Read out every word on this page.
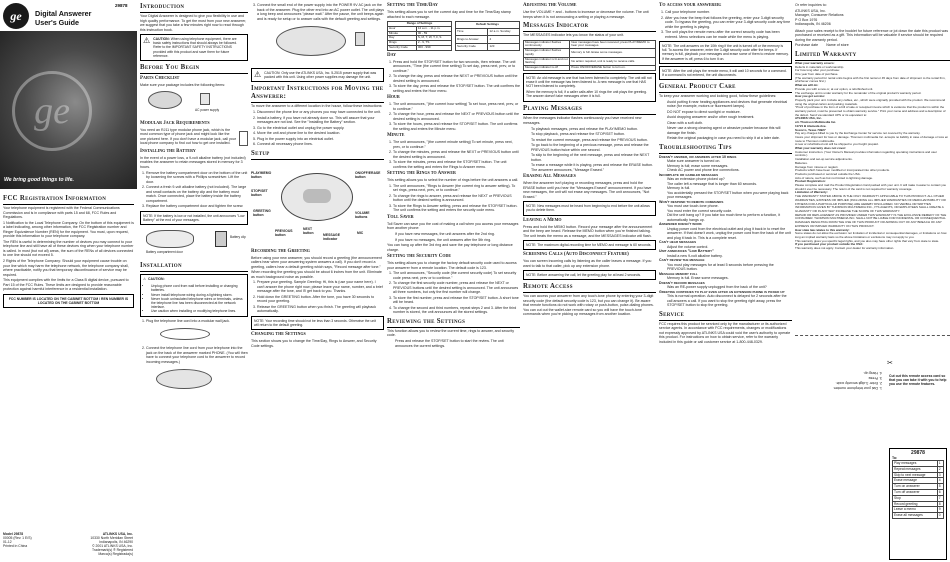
ge
29878
Digital Answerer
User's Guide
ge
We bring good things to life.
FCC Registration Information

Your telephone equipment is registered with the Federal Communications Commission and is in compliance with parts 15 and 68, FCC Rules and Regulations.

1 Notification to the Local Telephone Company: On the bottom of this equipment is a label indicating, among other information, the FCC Registration number and Ringer Equivalence Number (REN) for the equipment. You must, upon request, provide this information to your telephone company.

The REN is useful in determining the number of devices you may connect to your telephone line and still have all of these devices ring when your telephone number is called. In most (but not all) areas, the sum of the RENs of all devices connected to one line should not exceed 5.

2 Rights of the Telephone Company: Should your equipment cause trouble on your line which may harm the telephone network, the telephone company shall, where practicable, notify you that temporary discontinuance of service may be required.

This equipment complies with the limits for a Class B digital device, pursuant to Part 15 of the FCC Rules. These limits are designed to provide reasonable protection against harmful interference in a residential installation.

FCC NUMBER IS LOCATED ON THE CABINET BOTTOM / REN NUMBER IS LOCATED ON THE CABINET BOTTOM
Model 29878
00005 (Rev. 1 E/S)
01-12
Printed in China
ATLINKS USA, Inc.
10330 North Meridian Street
Indianapolis, IN 46290
© 2001 ATLINKS USA, Inc.
Trademark(s) ® Registered
Marca(s) Registrada(s)
Introduction

Your Digital Answerer is designed to give you flexibility in use and high quality performance. To get the most from your new answerer, we suggest that you take a few minutes right now to read through this instruction book.

⚠ CAUTION: When using telephone equipment, there are basic safety instructions that should always be followed. Refer to the IMPORTANT SAFETY INSTRUCTIONS provided with this product and save them for future reference.
Before You Begin
Parts Checklist

Make sure your package includes the following items:

AC power supply
Modular Jack Requirements

You need an RJ11 type modular phone jack, which is the most common type of phone jack and might look like the one pictured here. If you don't have a modular jack, call your local phone company to find out how to get one installed.

Installing the Battery

In the event of a power loss, a 9-volt alkaline battery (not included) enables the answerer to retain messages stored in memory for 3 hours.

1. Remove the battery compartment door on the bottom of the unit by loosening the screws with a Phillips screwdriver. Lift the door.
2. Connect a fresh 9-volt alkaline battery (not included). The large and small contacts on the battery clip and the battery must match. Once connected, place the battery inside the battery compartment.
3. Replace the battery compartment door and tighten the screw.
NOTE: If the battery is low or not installed, the unit announces "Low Battery" at the end of your messages.
Battery compartment door
Battery clip
Installation
⚠ CAUTION:
• Unplug phone cord from wall before installing or changing batteries.
• Never install telephone wiring during a lightning storm.
• Never touch uninsulated telephone wires or terminals, unless the telephone line has been disconnected at the network interface.
• Use caution when installing or modifying telephone lines.
1. Plug the telephone line cord into a modular wall jack.
2. Connect the telephone line cord from your telephone into the jack on the back of the answerer marked PHONE. (You will then have to connect your telephone cord to the answerer to record incoming messages.)
3. Connect the small end of the power supply into the POWER 9V AC jack on the back of the answerer. Plug the other end into an AC power outlet. The unit plays a long beep and announces "please wait." After the pause, the unit beeps again and is ready for setup or to answer calls with the default greeting and settings.
⚠ CAUTION: Only use the ATLINKS USA, Inc. 5-2515 power supply that was packed with this unit. Using other power supplies may damage the unit.
Important Instructions for Moving the Answerer:

To move the answerer to a different location in the house, follow these instructions:

1. Disconnect the phone line or any phones you may have connected to the unit.
2. Install a battery, if you have not already done so. This will assure that your messages are not lost. See the "Installing the Battery" section.
3. Go to the electrical outlet and unplug the power supply.
4. Move the unit and phone line to the desired location.
5. Plug in the power supply into an electrical outlet.
6. Connect all necessary phone lines.
Setup
PLAY/MEMO button
STOP/SET button
GREETING button
PREVIOUS button
NEXT button	MESSAGE indicator
VOLUME buttons
ON/OFF/ERASE button
MIC
Recording the Greeting

Before using your new answerer, you should record a greeting (the announcement callers hear when your answering system answers a call). If you don't record a greeting, callers hear a default greeting which says, "Record message after tone."

When recording the greeting you should be about 6 inches from the unit. Eliminate as much background noise as possible.

1. Prepare your greeting. Sample Greeting: Hi, this is (use your name here). I can't answer the phone right now; please leave your name, number, and a brief message after the tone, and I'll get back to you. Thanks.
2. Hold down the GREETING button. After the tone, you have 30 seconds to record your greeting.
3. Release the GREETING button when you finish. The greeting will playback automatically.
NOTE: Your recording time should not be less than 3 seconds. Otherwise the unit will return to the default greeting.
Changing the Settings

This section shows you to change the Time/Day, Rings to Answer, and Security Code settings.

Setting the Time/Day

This setting allows you to set the current day and time for the Time/Day stamp attached to each message.

Range of Settings	
Hour	12 a.m. - 11 p.m.
Minute	00 - 59
Day	S, M, T, W, T, F, S
Rings	2 - 9, TS
Security Code	000 - 999
Default Settings	
Time	12 a.m. Sunday
Rings to Answer	4
Security Code	123
Day
1. Press and hold the STOP/SET button for two seconds, then release. The unit announces, "Time (the current time setting) To set day, press next, prev, or to continue."
2. To change the day, press and release the NEXT or PREVIOUS button until the desired setting is announced.
3. To store the day, press and release the STOP/SET button. The unit confirms the setting and enters the Hour menu.
Hour
1. The unit announces, "(the current hour setting) To set hour, press next, prev, or to continue."
2. To change the hour, press and release the NEXT or PREVIOUS button until the desired setting is announced.
3. To store the hours, press and release the STOP/SET button. The unit confirms the setting and enters the Minute menu.
Minute
1. The unit announces, "(the current minute setting) To set minute, press next, prev, or to continue."
2. To change the minutes, press and release the NEXT or PREVIOUS button until the desired setting is announced.
3. To store the minutes, press and release the STOP/SET button. The unit confirms the setting and enters the Rings to Answer menu.
Setting the Rings to Answer

This setting allows you to select the number of rings before the unit answers a call.

1. The unit announces, "Rings to Answer (the current ring to answer setting). To set rings, press next, prev, or to continue."
2. To change the rings to answer, press and release the NEXT or PREVIOUS button until the desired setting is announced.
3. To store the Rings to Answer setting, press and release the STOP/SET button. The unit confirms the setting and enters the security code menu.
Toll Saver

Toll Saver can save you the cost of making a call when you access your messages from another phone:

• If you have new messages, the unit answers after the 2nd ring.
• If you have no messages, the unit answers after the 5th ring.

You can hang up after the 3rd ring and save the pay telephone or long distance charge.

Setting the Security Code

This setting allows you to change the factory default security code used to access your answerer from a remote location. The default code is 123.

1. The unit announces, "Security code (the current security code) To set security code press next, prev or to continue."
2. To change the first security code number, press and release the NEXT or PREVIOUS buttons until the desired setting is announced. The unit announces all three numbers, but only the first number will change.
3. To store the first number, press and release the STOP/SET button. A short tone will be heard.
4. To change the second and third numbers, repeat steps 2 and 3. After the third number is stored, the unit announces all the stored settings.
Reviewing the Settings

This function allows you to review the current time, rings to answer, and security code.

• Press and release the STOP/SET button to start the review. The unit announces the current settings.
Adjusting the Volume

Use the VOLUME + and - buttons to increase or decrease the volume. The unit beeps when it is not announcing a setting or playing a message.

Messages Indicator

The MESSAGES indicator lets you know the status of your unit.

Messages indicator flashes continuously	New messages have been received; press PLAY/MEMO to hear your messages.
Messages indicator flashes rapidly	Memory is full. Erase some messages.
Messages indicator is lit and not flashing	No action required, unit is ready to receive calls.
Messages indicator is off	Press ON/OFF/ERASE button to turn on.

NOTE: An old message is one that has been listened to completely. The unit will not erase it until the message has been listened to. A new message is one that HAS NOT been listened to completely.

When the memory is full, if a caller calls after 10 rings the unit plays the greeting. The answer doesn't take messages when it is full.

Playing Messages

When the messages indicator flashes continuously you have received new messages.

• To playback messages, press and release the PLAY/MEMO button.
• To stop playback, press and release the STOP/SET button.
• To restart the current message, press and release the PREVIOUS button.
• To go back to the beginning of a previous message, press and release the PREVIOUS button twice within one second.
• To skip to the beginning of the next message, press and release the NEXT button.
• To erase a message while it is playing, press and release the ERASE button. The answerer announces, "Message Erased."
Erasing All Messages

When the answerer isn't playing or recording messages, press and hold the ERASE button until you hear the "Messages Erased" announcement. If you have new messages, the unit will not erase any messages. The unit announces, "Not Erased."

NOTE: New messages must be heard from beginning to end before the unit allows you to delete them.
Leaving a Memo

Press and hold the MEMO button. Record your message after the announcement and the beep are heard. Release the MEMO button when you're finished talking. The unit treats the memo as a message, and the MESSAGES indicator will flash.

NOTE: The maximum digital-recording time for MEMO and message is 60 seconds.
Screening Calls (Auto Disconnect Feature)

You can screen incoming calls by listening as the caller leaves a message. If you want to talk to that caller, pick up any extension phone.

NOTE: Before answering the call, let the greeting play for at least 2 seconds.
Remote Access

You can access your answerer from any touch-tone phone by entering your 3-digit security code (the default security code is 123, but you can change it). Be aware that remote functions do not work with rotary or push-button, pulse-dialing phones. You can cut out the wallet-size remote card so you will have the touch-tone commands when you're picking up messages from another location.

To access your answerer:
1. Call your telephone number.
2. After you hear the beep that follows the greeting, enter your 3-digit security code. To bypass the greeting, you can enter your 3-digit security code any time while the greeting is playing.
3. The unit plays the remote menu after the correct security code has been entered. Menu selections can be made while the menu is playing.
NOTE: The unit answers on the 10th ring if the unit is turned off or the memory is full. To access the answerer, enter the 3-digit security code after the beeps. If memory is full, playback your messages and erase some of them to restore memory. If the answerer is off, press 6 to turn it on.
NOTE: After the unit plays the remote menu, it will wait 10 seconds for a command. If a command is not entered, the unit disconnects.
General Product Care

To keep your answerer working and looking good, follow these guidelines:

• Avoid putting it near heating appliances and devices that generate electrical noise (for example, motors or fluorescent lamps).
• DO NOT expose to direct sunlight or moisture.
• Avoid dropping answerer and/or other rough treatment.
• Clean with a soft cloth.
• Never use a strong cleaning agent or abrasive powder because this will damage the finish.
• Retain the original packaging in case you need to ship it at a later date.
Troubleshooting Tips
Doesn't answer, or answers after 10 rings
• Make sure answerer is turned on.
• Memory is full; erase some messages.
• Check AC power and phone line connections.
Incomplete or garbled messages
• Was an extension phone picked up?
• The caller left a message that is longer than 60 seconds.
• Memory is full.
• You accidentally pressed the STOP/SET button when you were playing back your messages.
Won't respond to remote commands
• You must use touch-tone phone.
• You must enter the correct security code.
• Did the unit hang up? If you take too much time to perform a function, it automatically hangs up.
Answerer doesn't work
• Unplug power cord from the electrical outlet and plug it back in to reset the answerer. If that doesn't work, unplug the power cord from the back of the unit and plug it back in. This is a complete reset.
Can't hear messages
• Adjust the volume control.
Unit announces "Low Battery"
• Install a new 9-volt alkaline battery.
Can't review the message
• You must play messages for at least 5 seconds before pressing the PREVIOUS button.
Message memory full
• Memory is full. Erase some messages.
Doesn't record messages
• Was an RE-power supply unplugged from the back of the unit?
Greeting continues to play even after an extension phone is picked up
• This is normal operation. Auto disconnect is delayed for 2 seconds after the call answers a call. If you want to stop the greeting right away, press the STOP/SET button to stop the greeting.
Service

FCC requires this product be serviced only by the manufacturer or its authorized service agents. In accordance with FCC requirements, changes or modifications not expressly approved by ATLINKS USA could void the user's authority to operate this product. For instructions on how to obtain service, refer to the warranty included in this guide or call customer service at 1-800-448-0329.

Or refer inquiries to:

ATLINKS USA, Inc.
Manager, Consumer Relations
P O Box 1976
Indianapolis, IN 46206

Attach your sales receipt to the booklet for future reference or jot down the date this product was purchased or received as a gift. This information will be valuable if service should be required during the warranty period.

Purchase date Name of store
Limited Warranty
What your warranty covers:
Defects in materials or workmanship.
For how long after your purchase:
One year from date of purchase.
(The warranty period for rental units begins with the first rental or 45 days from date of shipment to the rental firm, whichever comes first.)
What we will do:
Provide you with a new or, at our option, a refurbished unit.
The exchange unit is under warranty for the remainder of the original product's warranty period.
How you get service:
Properly pack your unit. Include any cables, etc., which were originally provided with the product. We recommend using the original carton and packing materials.
"Proof of purchase in the form of a bill of sale or receipted invoice which is evidence that the product is within the warranty period, must be presented to obtain warranty service." Print your name and address and a description of the defect. Send via standard UPS or its equivalent to:
ATLINKS USA, Inc.
c/o Thomson Multimedia Inc.
11721 B Alameda Ave.
Socorro, Texas 79927
Pay any charges billed to you by the Exchange Center for service not covered by the warranty.
Insure your shipment for loss or damage. Thomson multimedia Inc. accepts no liability in case of damage or loss en route to Thomson multimedia.
A new or refurbished unit will be shipped to you freight prepaid.
What your warranty does not cover:
Customer instruction. (Your Owner's Manual provides information regarding operating instructions and user controls.)
Installation and set-up service adjustments.
Batteries.
Damage from misuse or neglect.
Products which have been modified or incorporated into other products.
Products purchased or serviced outside the USA.
Acts of nature, such as but not limited to lightning damage.
Product Registration:
Please complete and mail the Product Registration Card packed with your unit. It will make it easier to contact you should it ever be necessary. The return of the card is not required for warranty coverage.
Limitation of Warranty:
THE WARRANTY STATED ABOVE IS THE ONLY WARRANTY APPLICABLE TO THIS PRODUCT. ALL OTHER WARRANTIES, EXPRESS OR IMPLIED (INCLUDING ALL IMPLIED WARRANTIES OF MERCHANTABILITY OR FITNESS FOR A PARTICULAR PURPOSE) ARE HEREBY DISCLAIMED. NO VERBAL OR WRITTEN INFORMATION GIVEN BY THOMSON MULTIMEDIA INC., IT'S AGENTS, OR EMPLOYEES SHALL CREATE A GUARANTY OR IN ANY WAY INCREASE THE SCOPE OF THIS WARRANTY.
REPAIR OR REPLACEMENT AS PROVIDED UNDER THIS WARRANTY IS THE EXCLUSIVE REMEDY OF THE CONSUMER. THOMSON MULTIMEDIA INC. SHALL NOT BE LIABLE FOR INCIDENTAL OR CONSEQUENTIAL DAMAGES RESULTING FROM THE USE OF THIS PRODUCT OR ARISING OUT OF ANY BREACH OF ANY EXPRESS OR IMPLIED WARRANTY ON THIS PRODUCT.
How state law relates to this warranty:
Some states do not allow the exclusion nor limitation of incidental or consequential damages, or limitations on how long an implied warranty lasts so the above limitations or exclusions may not apply to you.
This warranty gives you specific legal rights, and you also may have other rights that vary from state to state.
If you purchased your product outside the USA:
This warranty does not apply. Contact your dealer for warranty information.
1. Dial your telephone number.
2. Enter 3-digit security code.
3. Press:
4. Hang up.
Cut out this remote access card so that you can take it with you to help you use the remote features.
✂
29878
To:
Play messages	1
Repeat messages	2
Skip to next message	3
Erase message	4
Turn on answerer	5
Turn off answerer	6
Stop	7
Record greeting	8
Leave a memo	9
Erase all messages	0
